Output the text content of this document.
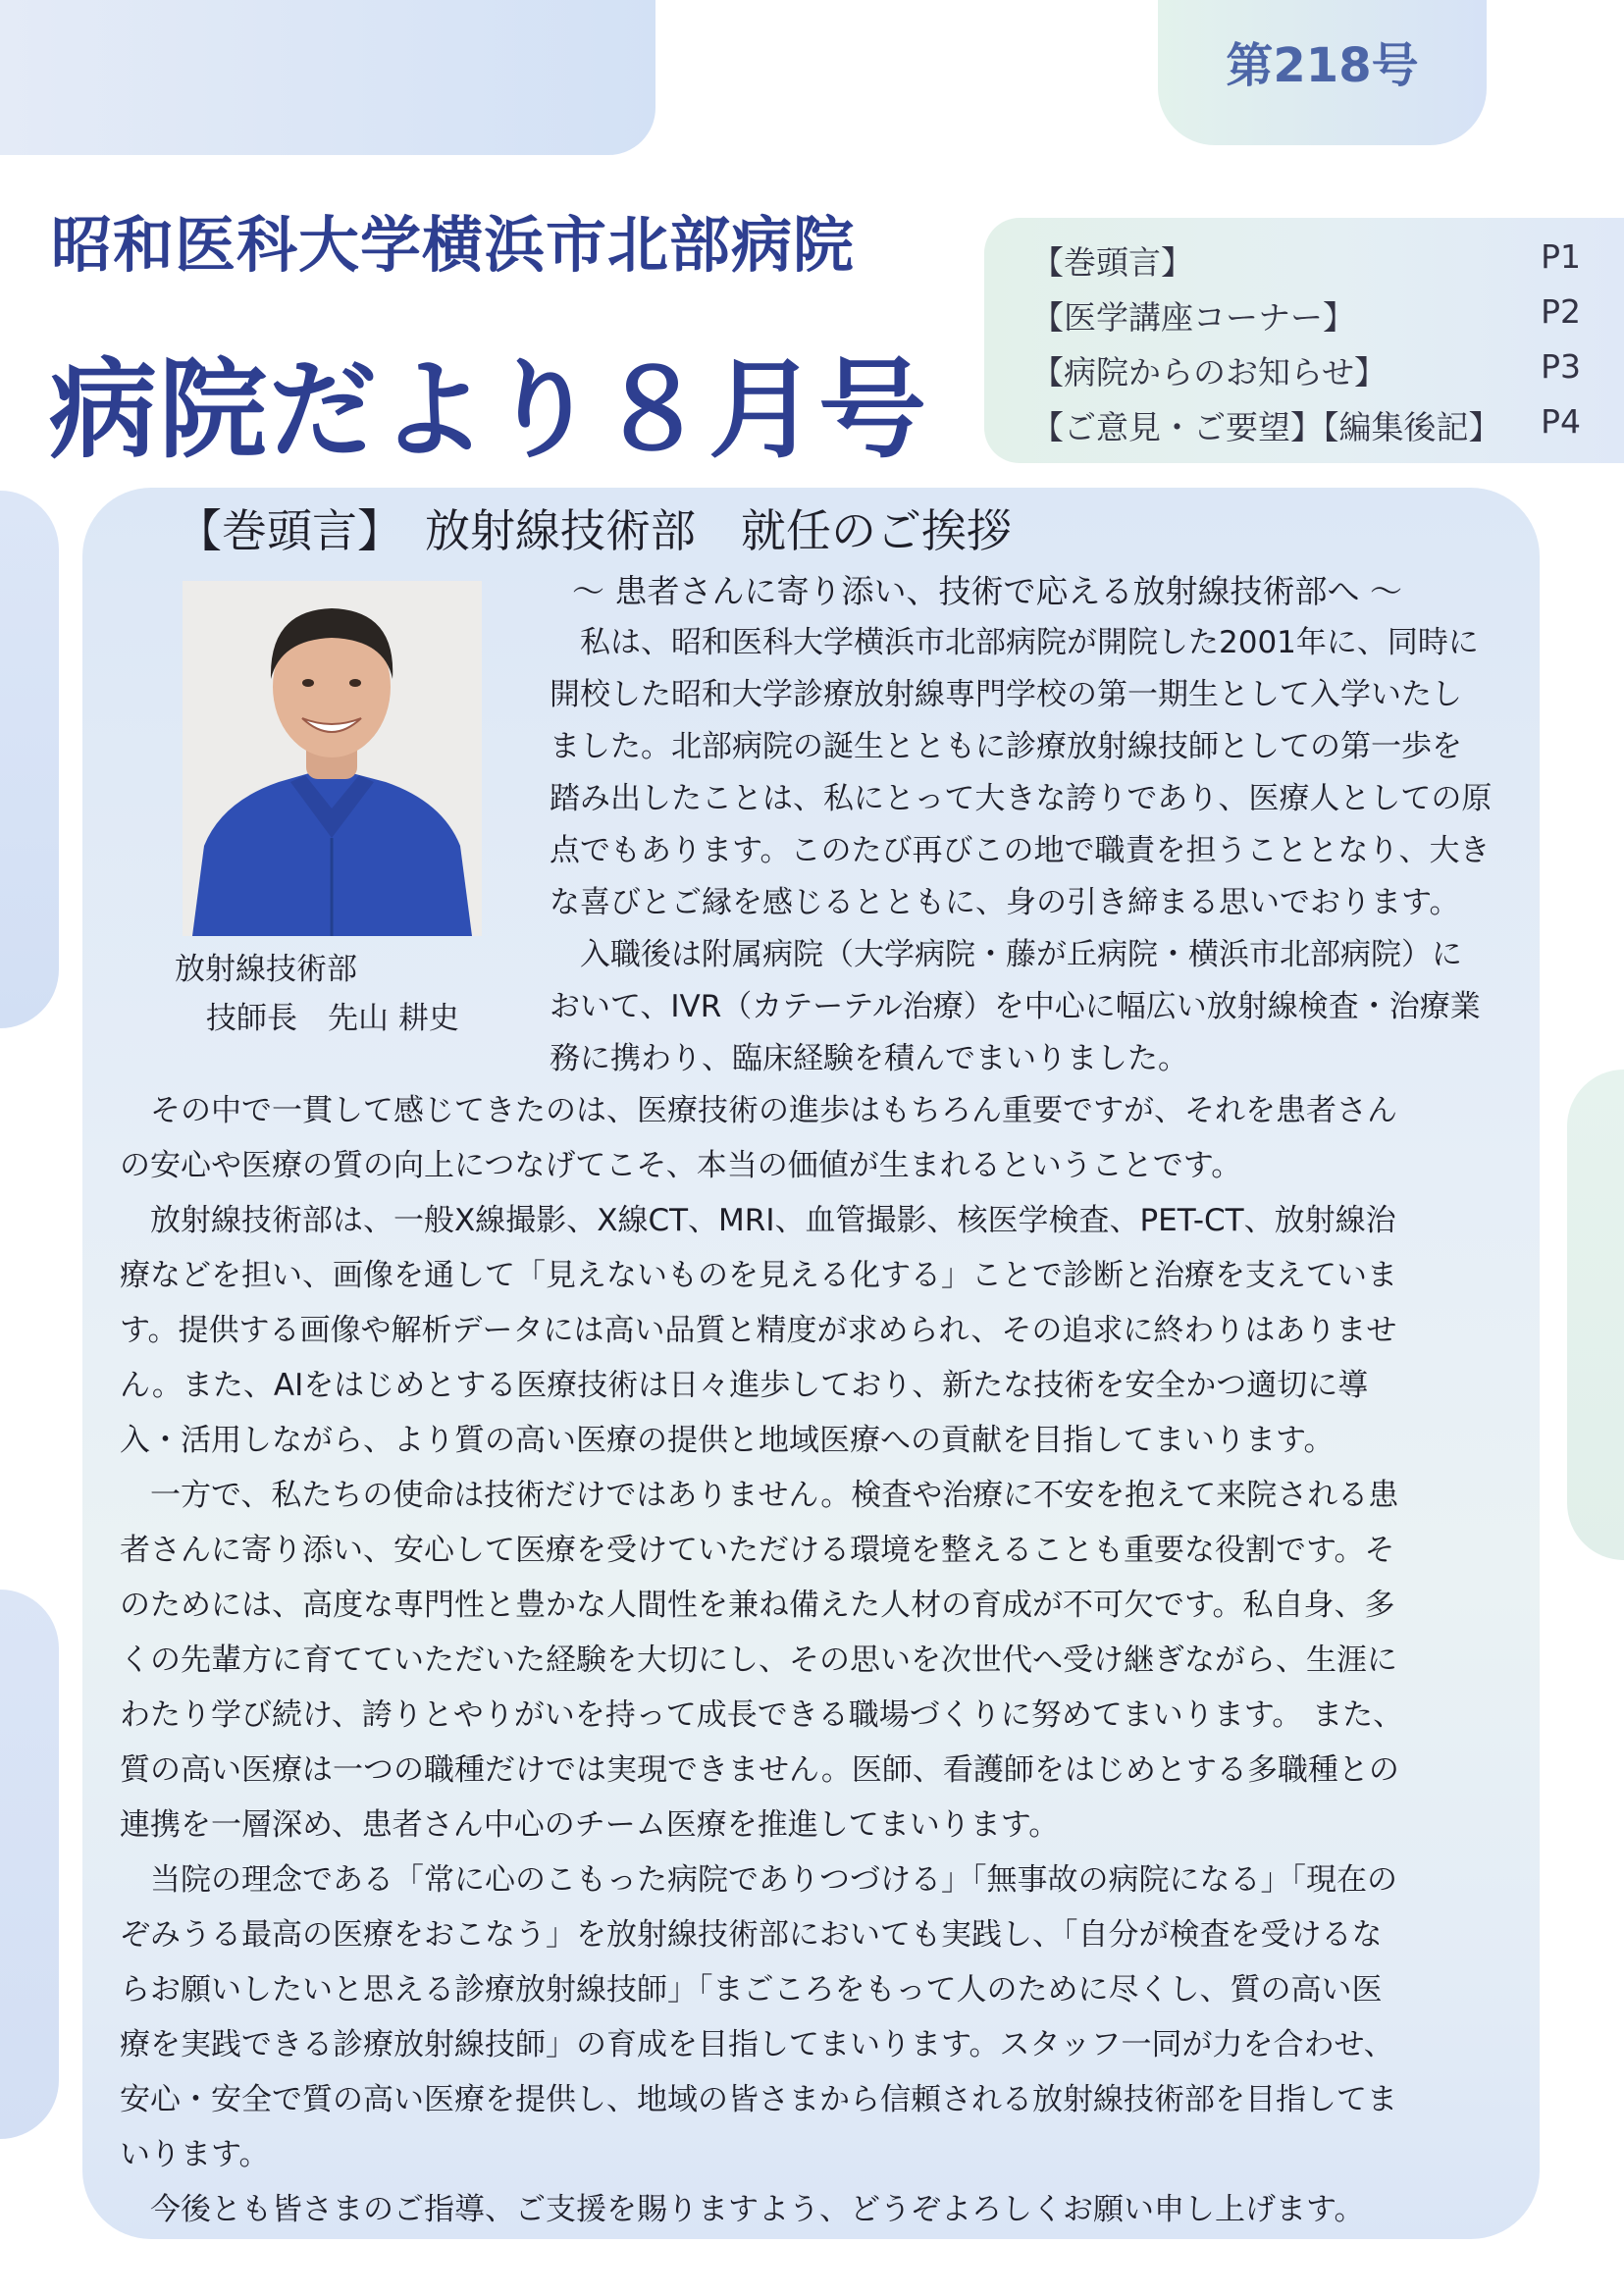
第218号
昭和医科大学横浜市北部病院
病院だより８月号
【巻頭言】	P1
【医学講座コーナー】	P2
【病院からのお知らせ】	P3
【ご意見・ご要望】【編集後記】 P4
【巻頭言】　放射線技術部　就任のご挨拶
放射線技術部
技師長　先山 耕史
～ 患者さんに寄り添い、技術で応える放射線技術部へ ～
　私は、昭和医科大学横浜市北部病院が開院した2001年に、同時に
開校した昭和大学診療放射線専門学校の第一期生として入学いたし
ました。北部病院の誕生とともに診療放射線技師としての第一歩を
踏み出したことは、私にとって大きな誇りであり、医療人としての原
点でもあります。このたび再びこの地で職責を担うこととなり、大き
な喜びとご縁を感じるとともに、身の引き締まる思いでおります。
　入職後は附属病院（大学病院・藤が丘病院・横浜市北部病院）に
おいて、IVR（カテーテル治療）を中心に幅広い放射線検査・治療業
務に携わり、臨床経験を積んでまいりました。
　その中で一貫して感じてきたのは、医療技術の進歩はもちろん重要ですが、それを患者さん
の安心や医療の質の向上につなげてこそ、本当の価値が生まれるということです。
　放射線技術部は、一般X線撮影、X線CT、MRI、血管撮影、核医学検査、PET-CT、放射線治
療などを担い、画像を通して「見えないものを見える化する」ことで診断と治療を支えていま
す。提供する画像や解析データには高い品質と精度が求められ、その追求に終わりはありませ
ん。また、AIをはじめとする医療技術は日々進歩しており、新たな技術を安全かつ適切に導
入・活用しながら、より質の高い医療の提供と地域医療への貢献を目指してまいります。
　一方で、私たちの使命は技術だけではありません。検査や治療に不安を抱えて来院される患
者さんに寄り添い、安心して医療を受けていただける環境を整えることも重要な役割です。そ
のためには、高度な専門性と豊かな人間性を兼ね備えた人材の育成が不可欠です。私自身、多
くの先輩方に育てていただいた経験を大切にし、その思いを次世代へ受け継ぎながら、生涯に
わたり学び続け、誇りとやりがいを持って成長できる職場づくりに努めてまいります。 また、
質の高い医療は一つの職種だけでは実現できません。医師、看護師をはじめとする多職種との
連携を一層深め、患者さん中心のチーム医療を推進してまいります。
　当院の理念である「常に心のこもった病院でありつづける」「無事故の病院になる」「現在の
ぞみうる最高の医療をおこなう」を放射線技術部においても実践し、「自分が検査を受けるな
らお願いしたいと思える診療放射線技師」「まごころをもって人のために尽くし、質の高い医
療を実践できる診療放射線技師」の育成を目指してまいります。スタッフ一同が力を合わせ、
安心・安全で質の高い医療を提供し、地域の皆さまから信頼される放射線技術部を目指してま
いります。
　今後とも皆さまのご指導、ご支援を賜りますよう、どうぞよろしくお願い申し上げます。
